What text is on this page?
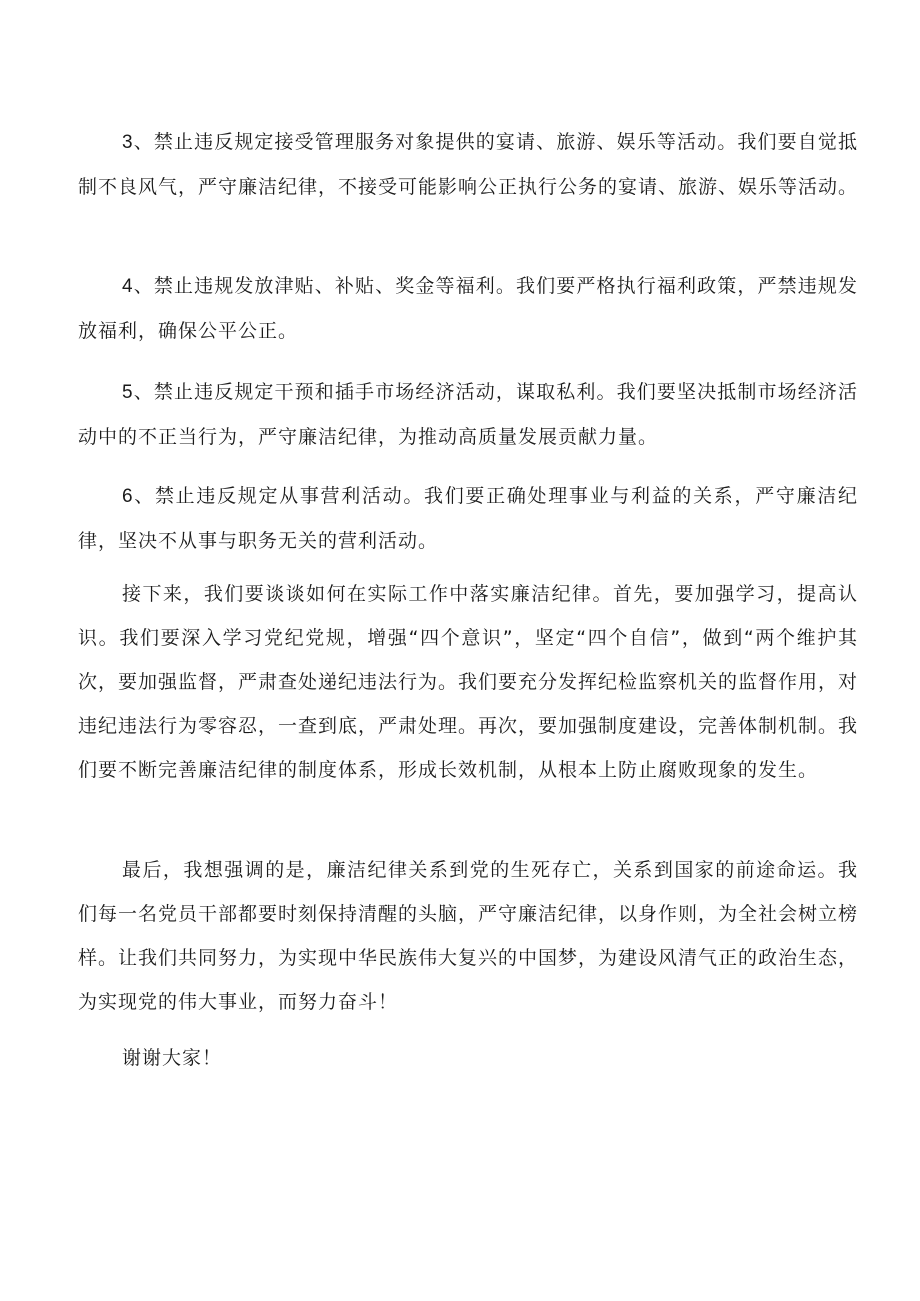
3、禁止违反规定接受管理服务对象提供的宴请、旅游、娱乐等活动。我们要自觉抵制不良风气，严守廉洁纪律，不接受可能影响公正执行公务的宴请、旅游、娱乐等活动。

4、禁止违规发放津贴、补贴、奖金等福利。我们要严格执行福利政策，严禁违规发放福利，确保公平公正。

5、禁止违反规定干预和插手市场经济活动，谋取私利。我们要坚决抵制市场经济活动中的不正当行为，严守廉洁纪律，为推动高质量发展贡献力量。

6、禁止违反规定从事营利活动。我们要正确处理事业与利益的关系，严守廉洁纪律，坚决不从事与职务无关的营利活动。

接下来，我们要谈谈如何在实际工作中落实廉洁纪律。首先，要加强学习，提高认识。我们要深入学习党纪党规，增强“四个意识”，坚定“四个自信”，做到“两个维护其次，要加强监督，严肃查处递纪违法行为。我们要充分发挥纪检监察机关的监督作用，对违纪违法行为零容忍，一查到底，严肃处理。再次，要加强制度建设，完善体制机制。我们要不断完善廉洁纪律的制度体系，形成长效机制，从根本上防止腐败现象的发生。

最后，我想强调的是，廉洁纪律关系到党的生死存亡，关系到国家的前途命运。我们每一名党员干部都要时刻保持清醒的头脑，严守廉洁纪律，以身作则，为全社会树立榜样。让我们共同努力，为实现中华民族伟大复兴的中国梦，为建设风清气正的政治生态，为实现党的伟大事业，而努力奋斗！

谢谢大家！
